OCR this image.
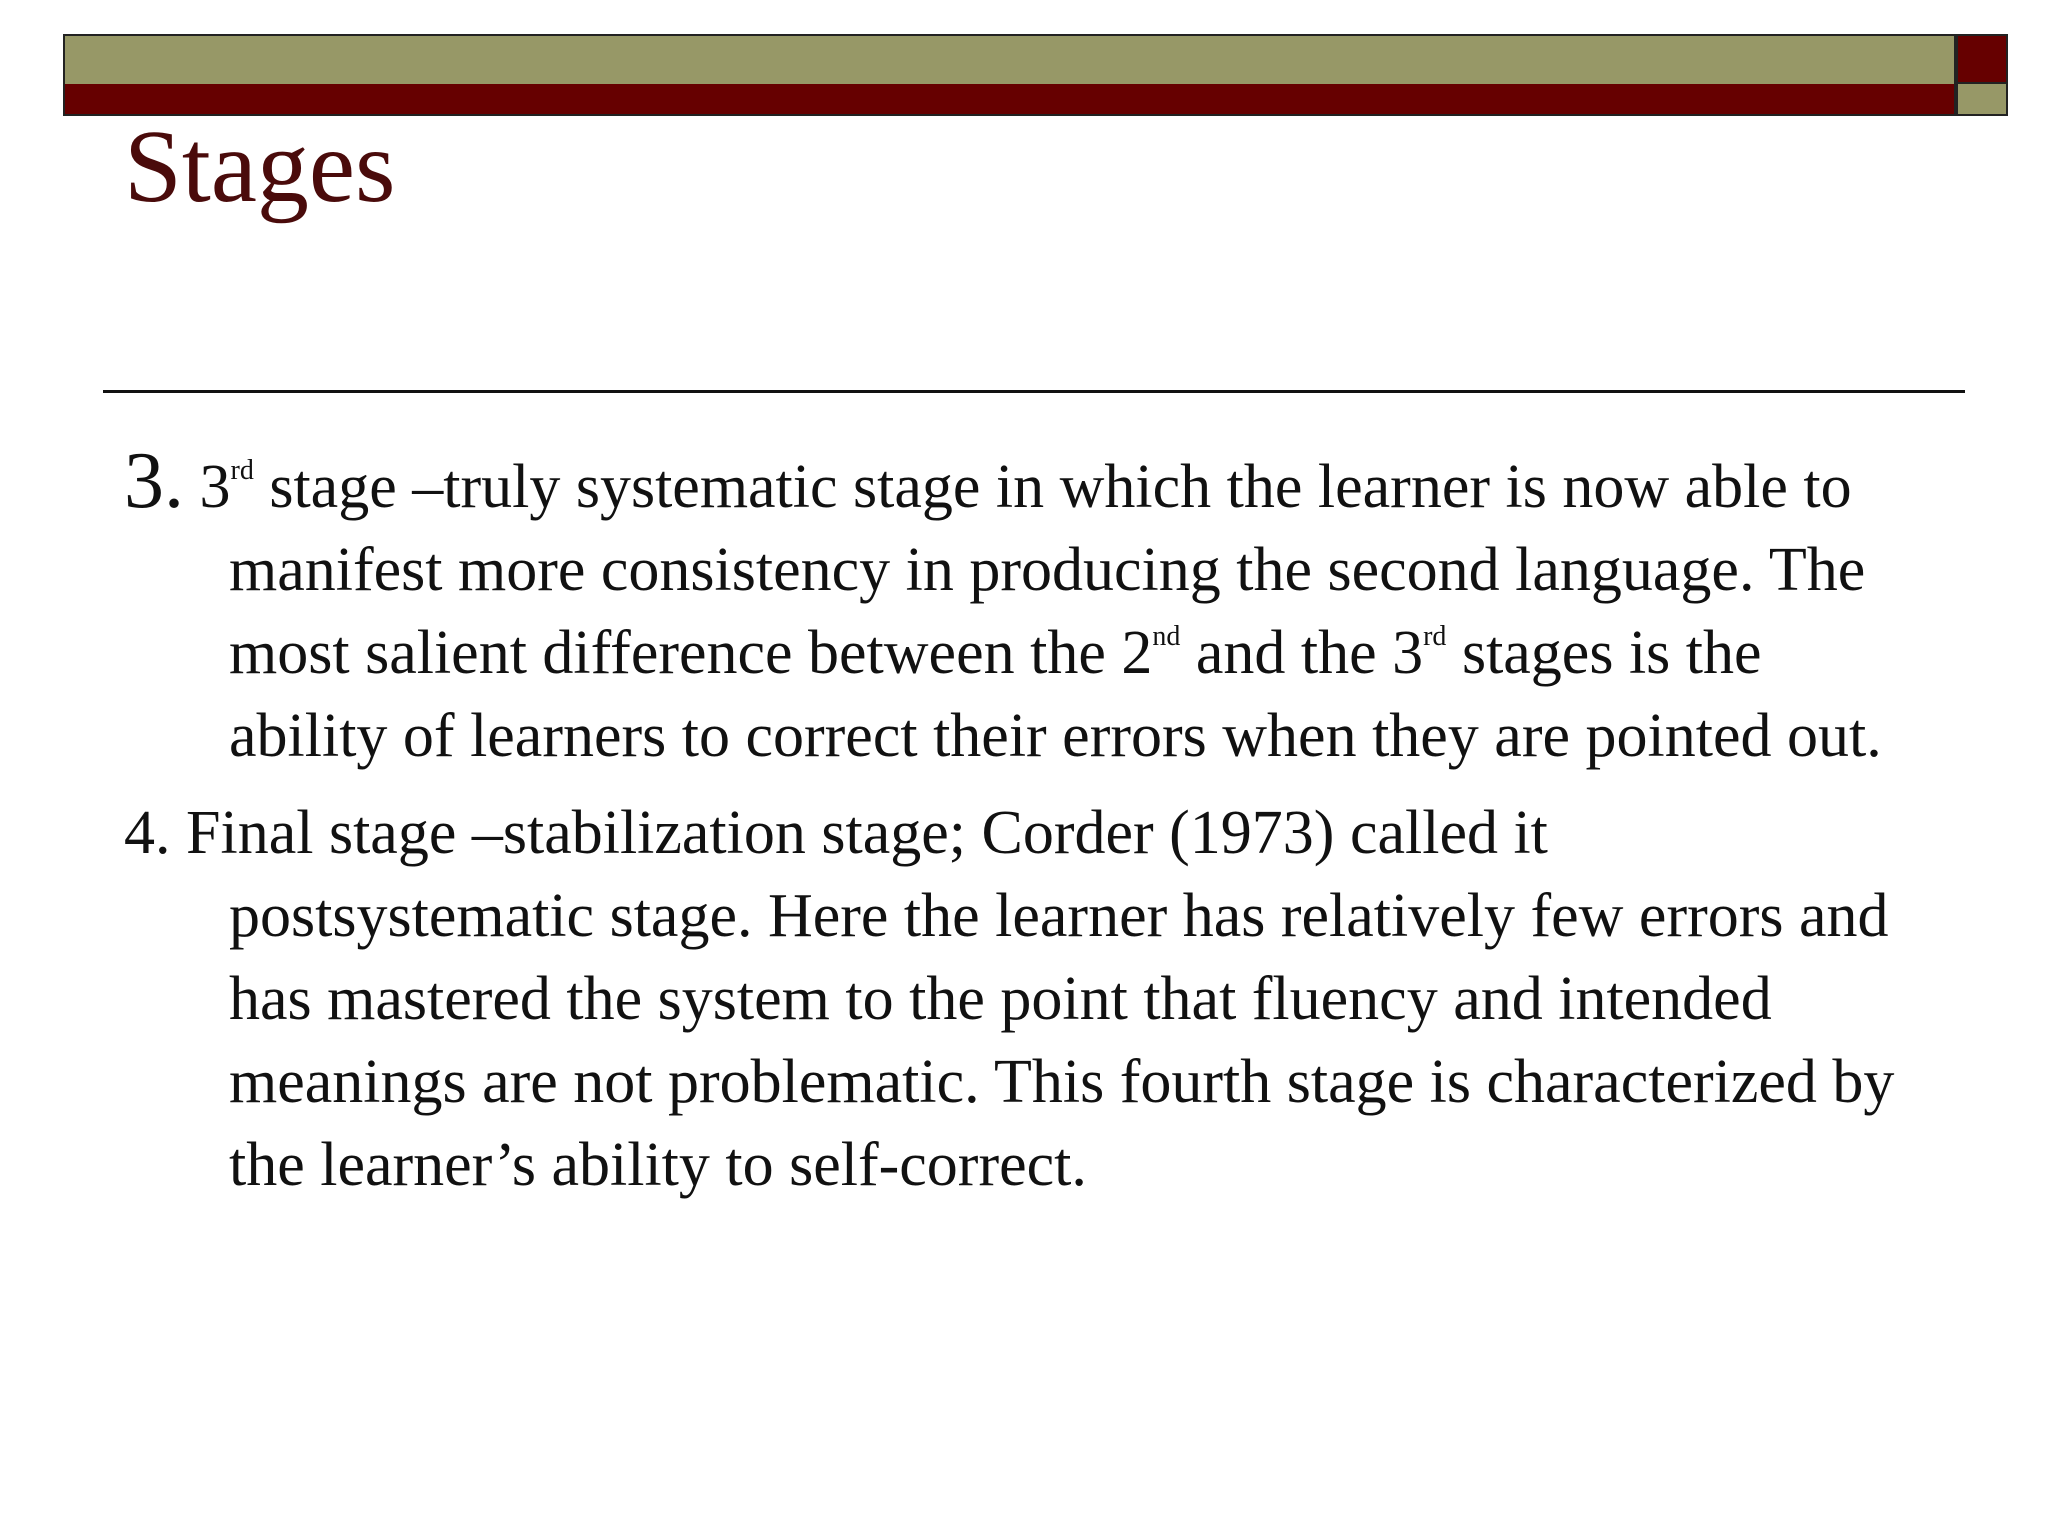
Stages

3. 3rd stage –truly systematic stage in which the learner is now able to manifest more consistency in producing the second language. The most salient difference between the 2nd and the 3rd stages is the ability of learners to correct their errors when they are pointed out.

4. Final stage –stabilization stage; Corder (1973) called it postsystematic stage. Here the learner has relatively few errors and has mastered the system to the point that fluency and intended meanings are not problematic. This fourth stage is characterized by the learner’s ability to self-correct.
